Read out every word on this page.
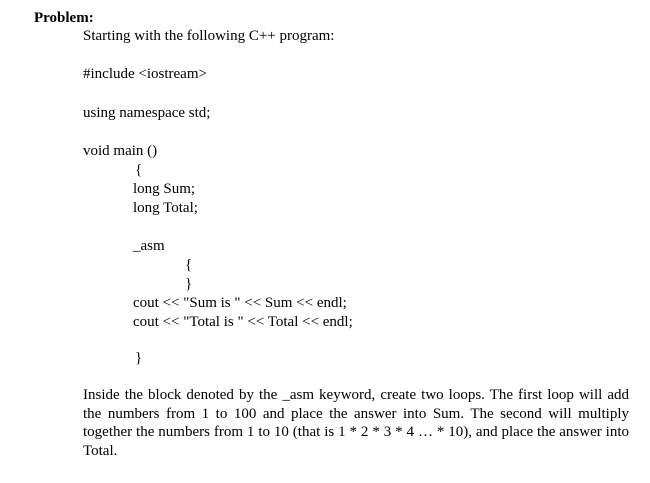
Problem:
Starting with the following C++ program:
#include <iostream>
using namespace std;
void main ()
{
long Sum;
long Total;
_asm
{
}
cout << "Sum is " << Sum << endl;
cout << "Total is " << Total << endl;
}
Inside the block denoted by the _asm keyword, create two loops. The first loop will add the numbers from 1 to 100 and place the answer into Sum. The second will multiply together the numbers from 1 to 10 (that is 1 * 2 * 3 * 4 … * 10), and place the answer into Total.
